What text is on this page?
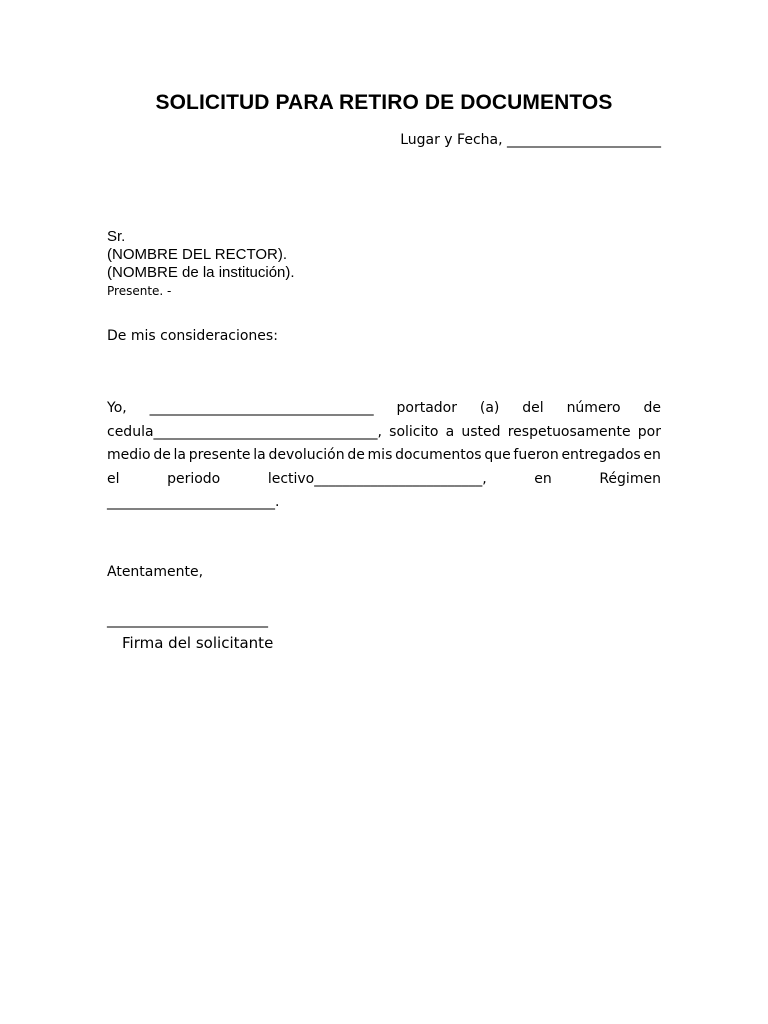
SOLICITUD PARA RETIRO DE DOCUMENTOS
Lugar y Fecha, ______________________
Sr.
(NOMBRE DEL RECTOR).
(NOMBRE de la institución).
Presente. -
De mis consideraciones:
Yo, ________________________________ portador (a) del número de
cedula________________________________, solicito a usted respetuosamente por
medio de la presente la devolución de mis documentos que fueron entregados en
el	periodo	lectivo________________________,	en	Régimen
________________________.
Atentamente,
_______________________
Firma del solicitante
